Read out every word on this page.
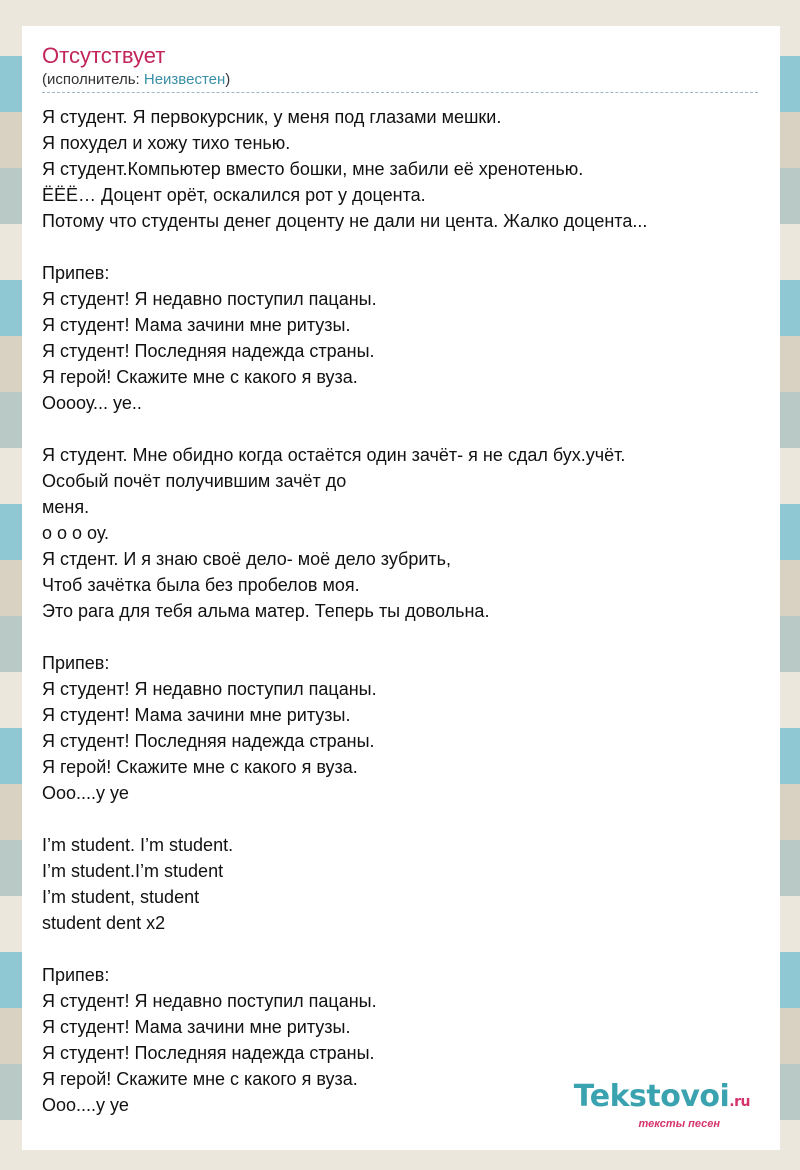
Отсутствует
(исполнитель: Неизвестен)
Я студент. Я первокурсник, у меня под глазами мешки.
Я похудел и хожу тихо тенью.
Я студент.Компьютер вместо бошки, мне забили её хренотенью.
ЁЁЁ… Доцент орёт, оскалился рот у доцента.
Потому что студенты денег доценту не дали ни цента. Жалко доцента...
Припев:
Я студент! Я недавно поступил пацаны.
Я студент! Мама зачини мне ритузы.
Я студент! Последняя надежда страны.
Я герой! Скажите мне с какого я вуза.
Ооооу... уе..
Я студент. Мне обидно когда остаётся один зачёт- я не сдал бух.учёт.
Особый почёт получившим зачёт до
меня.
о о о оу.
Я стдент. И я знаю своё дело- моё дело зубрить,
Чтоб зачётка была без пробелов моя.
Это рага для тебя альма матер. Теперь ты довольна.
Припев:
Я студент! Я недавно поступил пацаны.
Я студент! Мама зачини мне ритузы.
Я студент! Последняя надежда страны.
Я герой! Скажите мне с какого я вуза.
Ооо....у уе
I’m student. I’m student.
I’m student.I’m student
I’m student, student
student dent x2
Припев:
Я студент! Я недавно поступил пацаны.
Я студент! Мама зачини мне ритузы.
Я студент! Последняя надежда страны.
Я герой! Скажите мне с какого я вуза.
Ооо....у уе	Tekstovoi.ru
тексты песен
